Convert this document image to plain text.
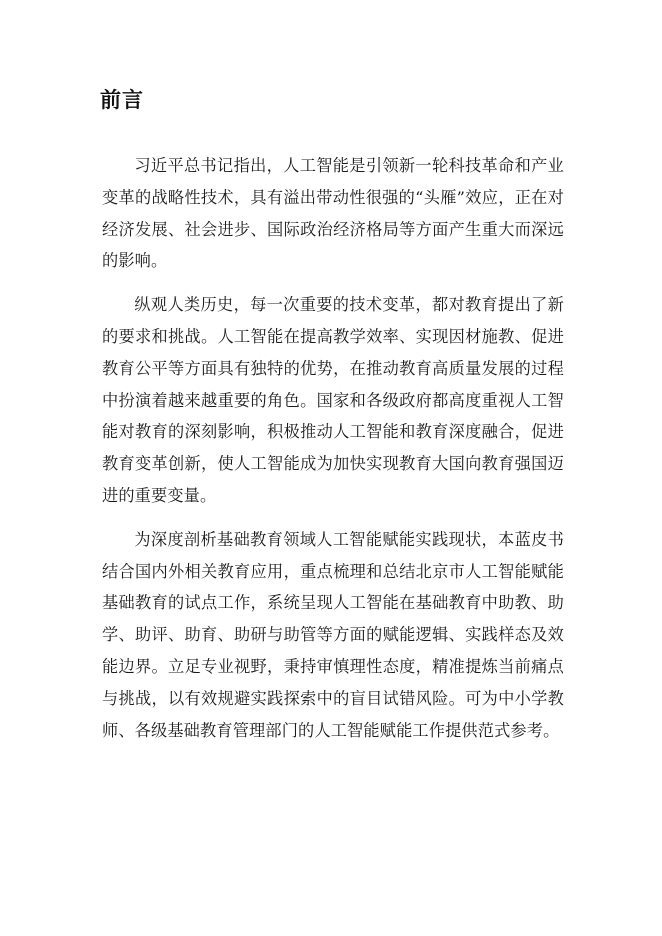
前言

习近平总书记指出，人工智能是引领新一轮科技革命和产业变革的战略性技术，具有溢出带动性很强的“头雁”效应，正在对经济发展、社会进步、国际政治经济格局等方面产生重大而深远的影响。

纵观人类历史，每一次重要的技术变革，都对教育提出了新的要求和挑战。人工智能在提高教学效率、实现因材施教、促进教育公平等方面具有独特的优势，在推动教育高质量发展的过程中扮演着越来越重要的角色。国家和各级政府都高度重视人工智能对教育的深刻影响，积极推动人工智能和教育深度融合，促进教育变革创新，使人工智能成为加快实现教育大国向教育强国迈进的重要变量。

为深度剖析基础教育领域人工智能赋能实践现状，本蓝皮书结合国内外相关教育应用，重点梳理和总结北京市人工智能赋能基础教育的试点工作，系统呈现人工智能在基础教育中助教、助学、助评、助育、助研与助管等方面的赋能逻辑、实践样态及效能边界。立足专业视野，秉持审慎理性态度，精准提炼当前痛点与挑战，以有效规避实践探索中的盲目试错风险。可为中小学教师、各级基础教育管理部门的人工智能赋能工作提供范式参考。
